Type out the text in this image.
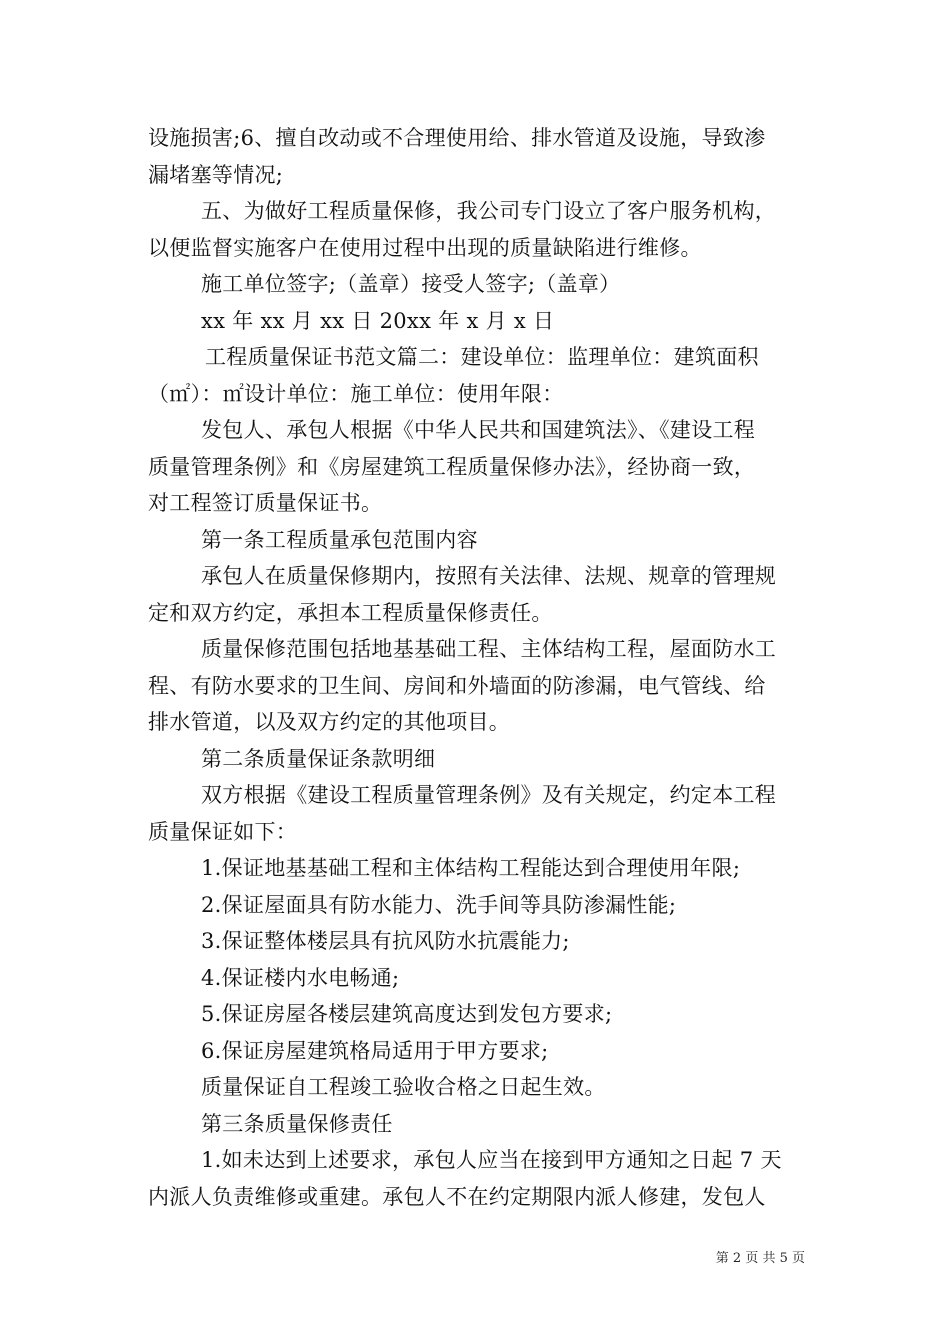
设施损害;6、擅自改动或不合理使用给、排水管道及设施，导致渗
漏堵塞等情况;
五、为做好工程质量保修，我公司专门设立了客户服务机构，
以便监督实施客户在使用过程中出现的质量缺陷进行维修。
施工单位签字;（盖章）接受人签字;（盖章）
xx 年 xx 月 xx 日 20xx 年 x 月 x 日
工程质量保证书范文篇二：建设单位：监理单位：建筑面积
（㎡）：㎡设计单位：施工单位：使用年限：
发包人、承包人根据《中华人民共和国建筑法》、《建设工程
质量管理条例》和《房屋建筑工程质量保修办法》，经协商一致，
对工程签订质量保证书。
第一条工程质量承包范围内容
承包人在质量保修期内，按照有关法律、法规、规章的管理规
定和双方约定，承担本工程质量保修责任。
质量保修范围包括地基基础工程、主体结构工程，屋面防水工
程、有防水要求的卫生间、房间和外墙面的防渗漏，电气管线、给
排水管道，以及双方约定的其他项目。
第二条质量保证条款明细
双方根据《建设工程质量管理条例》及有关规定，约定本工程
质量保证如下：
1.保证地基基础工程和主体结构工程能达到合理使用年限;
2.保证屋面具有防水能力、洗手间等具防渗漏性能;
3.保证整体楼层具有抗风防水抗震能力;
4.保证楼内水电畅通;
5.保证房屋各楼层建筑高度达到发包方要求;
6.保证房屋建筑格局适用于甲方要求;
质量保证自工程竣工验收合格之日起生效。
第三条质量保修责任
1.如未达到上述要求，承包人应当在接到甲方通知之日起 7 天
内派人负责维修或重建。承包人不在约定期限内派人修建，发包人
第 2 页 共 5 页
